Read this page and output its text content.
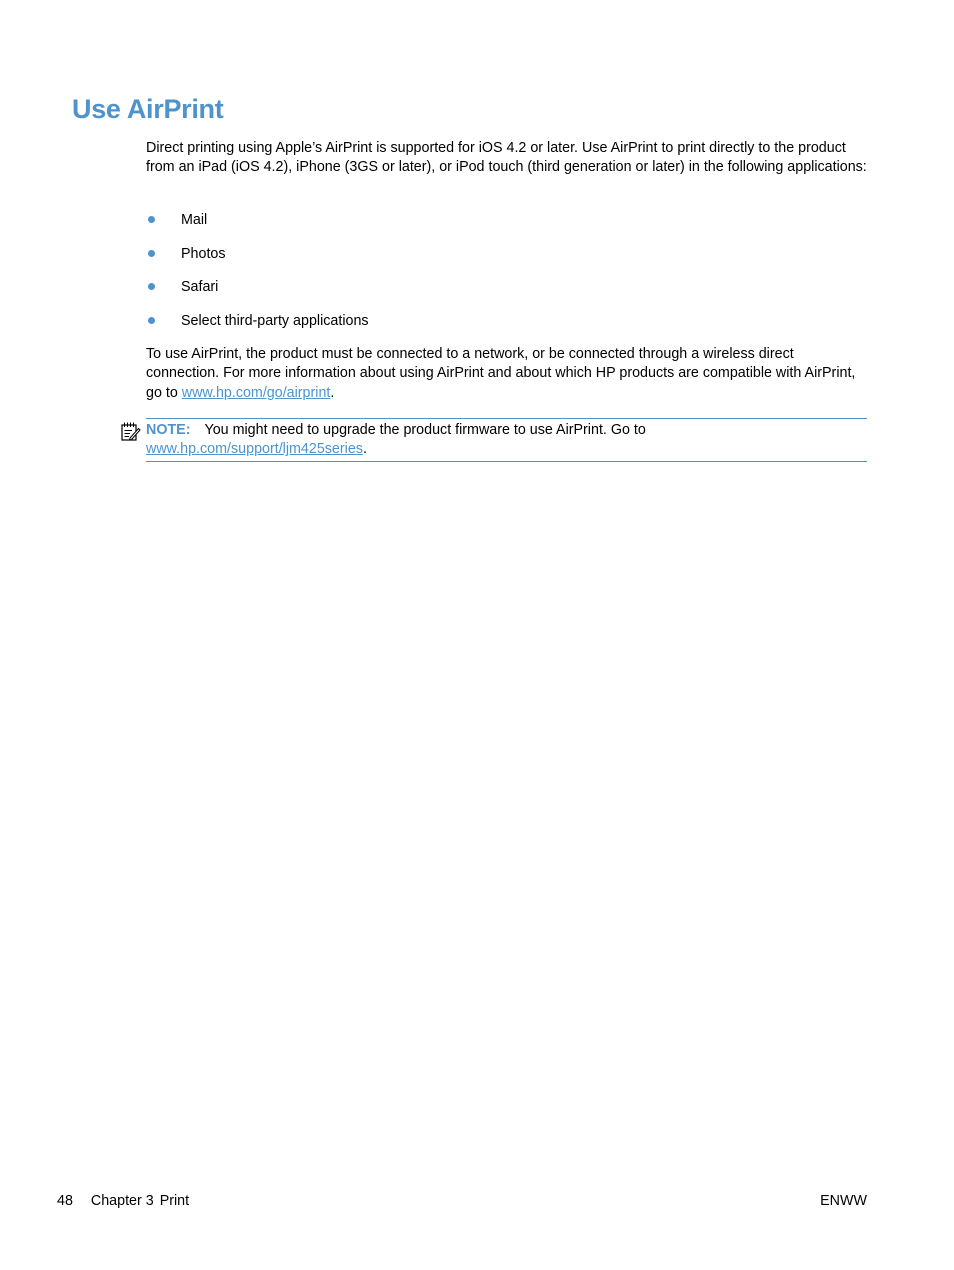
Use AirPrint

Direct printing using Apple’s AirPrint is supported for iOS 4.2 or later. Use AirPrint to print directly to the product from an iPad (iOS 4.2), iPhone (3GS or later), or iPod touch (third generation or later) in the following applications:

Mail
Photos
Safari
Select third-party applications

To use AirPrint, the product must be connected to a network, or be connected through a wireless direct connection. For more information about using AirPrint and about which HP products are compatible with AirPrint, go to www.hp.com/go/airprint.

NOTE: You might need to upgrade the product firmware to use AirPrint. Go to www.hp.com/support/ljm425series.

48 Chapter 3 Print	ENWW
